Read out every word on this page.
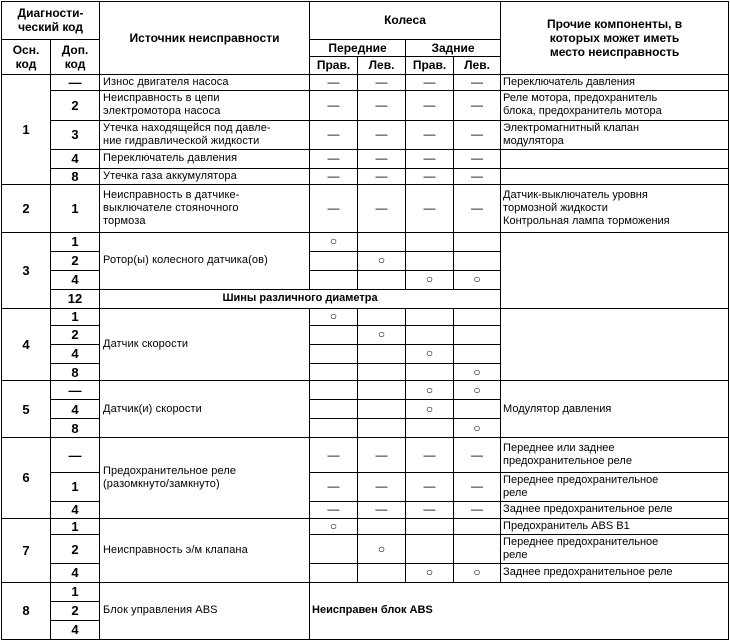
Диагности-
ческий код		Источник неисправности	Колеса				Прочие компоненты, в
которых может иметь
место неисправность
Осн.
код	Доп.
код		Передние		Задние		
			Прав.	Лев.	Прав.	Лев.	
1	—	Износ двигателя насоса	—	—	—	—	Переключатель давления
	2	Неисправность в цепи
электромотора насоса	—	—	—	—	Реле мотора, предохранитель
блока, предохранитель мотора
	3	Утечка находящейся под давле-
ние гидравлической жидкости	—	—	—	—	Электромагнитный клапан
модулятора
	4	Переключатель давления	—	—	—	—	
	8	Утечка газа аккумулятора	—	—	—	—	
2	1	Неисправность в датчике-
выключателе стояночного
тормоза	—	—	—	—	Датчик-выключатель уровня
тормозной жидкости
Контрольная лампа торможения
3	1	Ротор(ы) колесного датчика(ов)	○				
	2			○			
	4				○	○	
	12	Шины различного диаметра					
4	1	Датчик скорости	○				
	2			○			
	4				○		
	8					○	
5	—	Датчик(и) скорости			○	○	Модулятор давления
	4				○		
	8					○	
6	—	Предохранительное реле
(разомкнуто/замкнуто)	—	—	—	—	Переднее или заднее
предохранительное реле
	1		—	—	—	—	Переднее предохранительное
реле
	4		—	—	—	—	Заднее предохранительное реле
7	1	Неисправность э/м клапана	○				Предохранитель ABS B1
	2			○			Переднее предохранительное
реле
	4				○	○	Заднее предохранительное реле
8	1	Блок управления ABS	Неисправен блок ABS				
	2						
	4						
